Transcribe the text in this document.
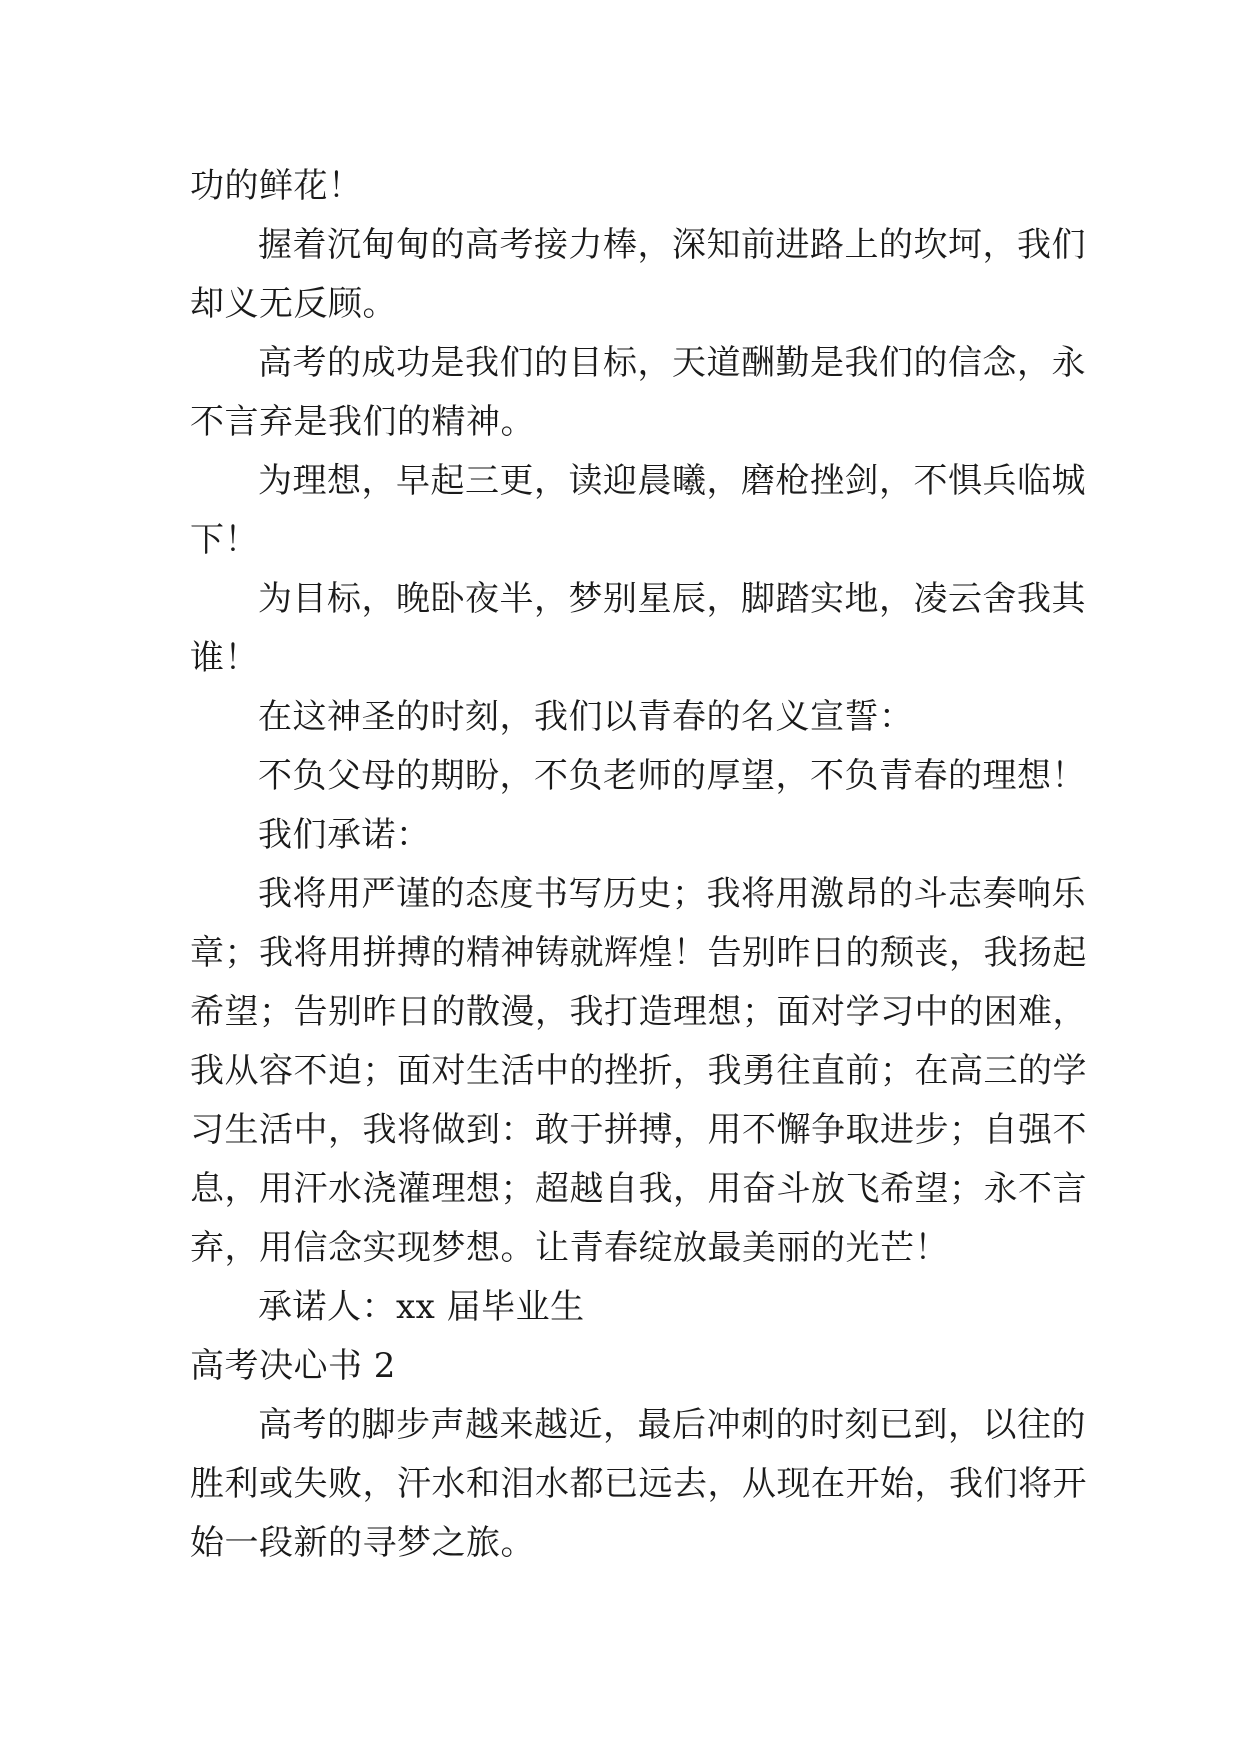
功的鲜花！
握着沉甸甸的高考接力棒，深知前进路上的坎坷，我们
却义无反顾。
高考的成功是我们的目标，天道酬勤是我们的信念，永
不言弃是我们的精神。
为理想，早起三更，读迎晨曦，磨枪挫剑，不惧兵临城
下！
为目标，晚卧夜半，梦别星辰，脚踏实地，凌云舍我其
谁！
在这神圣的时刻，我们以青春的名义宣誓：
不负父母的期盼，不负老师的厚望，不负青春的理想！
我们承诺：
我将用严谨的态度书写历史；我将用激昂的斗志奏响乐
章；我将用拼搏的精神铸就辉煌！告别昨日的颓丧，我扬起
希望；告别昨日的散漫，我打造理想；面对学习中的困难，
我从容不迫；面对生活中的挫折，我勇往直前；在高三的学
习生活中，我将做到：敢于拼搏，用不懈争取进步；自强不
息，用汗水浇灌理想；超越自我，用奋斗放飞希望；永不言
弃，用信念实现梦想。让青春绽放最美丽的光芒！
承诺人：xx 届毕业生
高考决心书 2
高考的脚步声越来越近，最后冲刺的时刻已到，以往的
胜利或失败，汗水和泪水都已远去，从现在开始，我们将开
始一段新的寻梦之旅。
